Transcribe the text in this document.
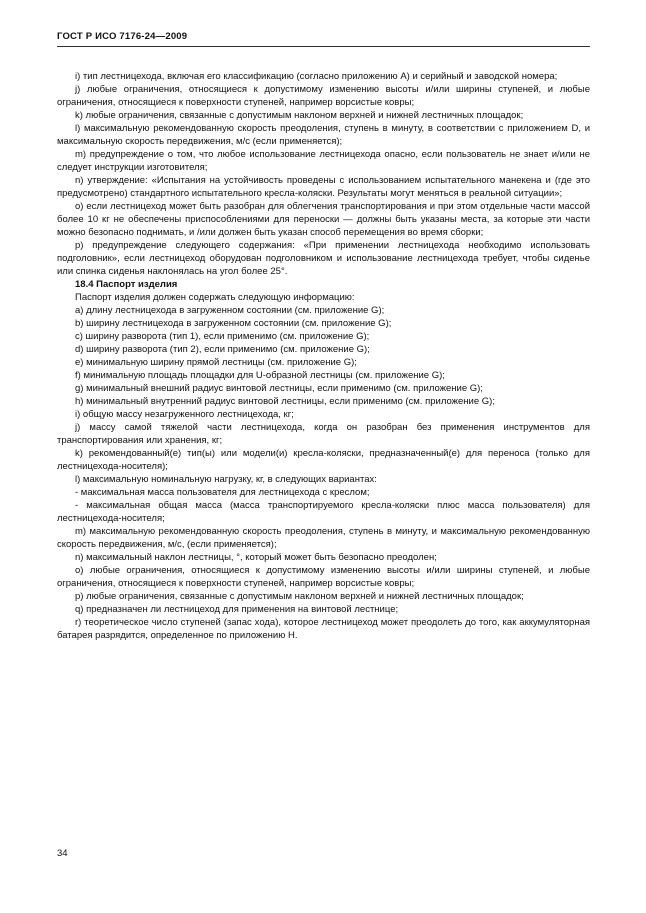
ГОСТ Р ИСО 7176-24—2009

i) тип лестницехода, включая его классификацию (согласно приложению А) и серийный и заводской номера;

j) любые ограничения, относящиеся к допустимому изменению высоты и/или ширины ступеней, и любые ограничения, относящиеся к поверхности ступеней, например ворсистые ковры;

k) любые ограничения, связанные с допустимым наклоном верхней и нижней лестничных площадок;

l) максимальную рекомендованную скорость преодоления, ступень в минуту, в соответствии с приложением D, и максимальную скорость передвижения, м/с (если применяется);

m) предупреждение о том, что любое использование лестницехода опасно, если пользователь не знает и/или не следует инструкции изготовителя;

n) утверждение: «Испытания на устойчивость проведены с использованием испытательного манекена и (где это предусмотрено) стандартного испытательного кресла-коляски. Результаты могут меняться в реальной ситуации»;

o) если лестницеход может быть разобран для облегчения транспортирования и при этом отдельные части массой более 10 кг не обеспечены приспособлениями для переноски — должны быть указаны места, за которые эти части можно безопасно поднимать, и /или должен быть указан способ перемещения во время сборки;

p) предупреждение следующего содержания: «При применении лестницехода необходимо использовать подголовник», если лестницеход оборудован подголовником и использование лестницехода требует, чтобы сиденье или спинка сиденья наклонялась на угол более 25°.

18.4 Паспорт изделия

Паспорт изделия должен содержать следующую информацию:

a) длину лестницехода в загруженном состоянии (см. приложение G);

b) ширину лестницехода в загруженном состоянии (см. приложение G);

c) ширину разворота (тип 1), если применимо (см. приложение G);

d) ширину разворота (тип 2), если применимо (см. приложение G);

e) минимальную ширину прямой лестницы (см. приложение G);

f) минимальную площадь площадки для U-образной лестницы (см. приложение G);

g) минимальный внешний радиус винтовой лестницы, если применимо (см. приложение G);

h) минимальный внутренний радиус винтовой лестницы, если применимо (см. приложение G);

i) общую массу незагруженного лестницехода, кг;

j) массу самой тяжелой части лестницехода, когда он разобран без применения инструментов для транспортирования или хранения, кг;

k) рекомендованный(е) тип(ы) или модели(и) кресла-коляски, предназначенный(е) для переноса (только для лестницехода-носителя);

l) максимальную номинальную нагрузку, кг, в следующих вариантах:

- максимальная масса пользователя для лестницехода с креслом;

- максимальная общая масса (масса транспортируемого кресла-коляски плюс масса пользователя) для лестницехода-носителя;

m) максимальную рекомендованную скорость преодоления, ступень в минуту, и максимальную рекомендованную скорость передвижения, м/с, (если применяется);

n) максимальный наклон лестницы, °, который может быть безопасно преодолен;

o) любые ограничения, относящиеся к допустимому изменению высоты и/или ширины ступеней, и любые ограничения, относящиеся к поверхности ступеней, например ворсистые ковры;

p) любые ограничения, связанные с допустимым наклоном верхней и нижней лестничных площадок;

q) предназначен ли лестницеход для применения на винтовой лестнице;

r) теоретическое число ступеней (запас хода), которое лестницеход может преодолеть до того, как аккумуляторная батарея разрядится, определенное по приложению Н.

34
